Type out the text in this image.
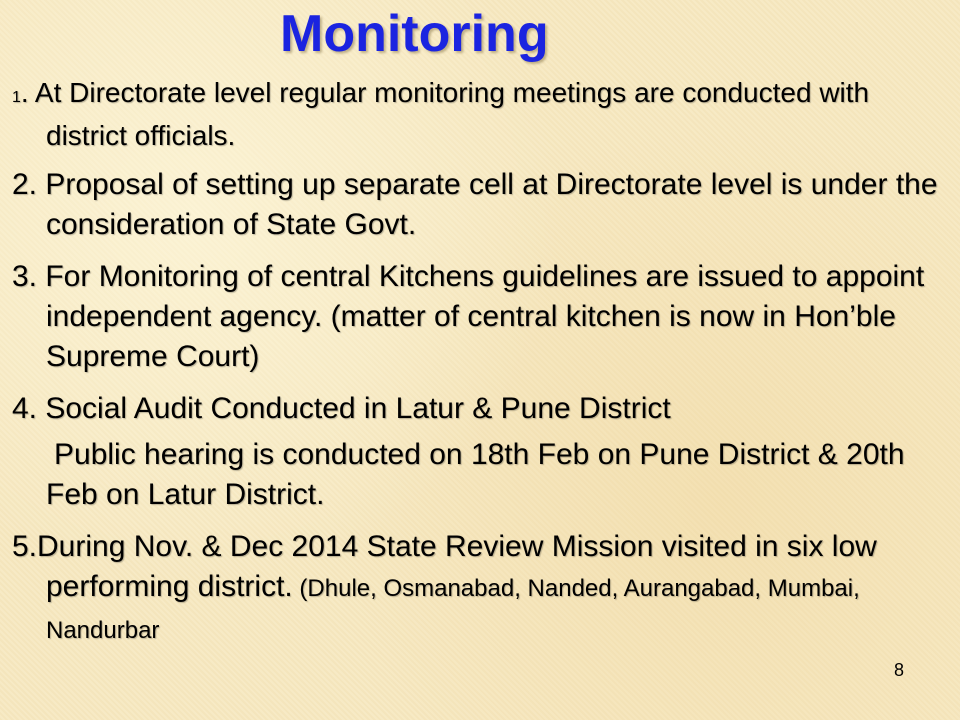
Monitoring

1. At Directorate level regular monitoring meetings are conducted with district officials.

2. Proposal of setting up separate cell at Directorate level is under the consideration of State Govt.

3. For Monitoring of central Kitchens guidelines are issued to appoint independent agency. (matter of central kitchen is now in Hon’ble Supreme Court)

4. Social Audit Conducted in Latur & Pune District

Public hearing is conducted on 18th Feb on Pune District & 20th Feb on Latur District.

5.During Nov. & Dec 2014 State Review Mission visited in six low performing district. (Dhule, Osmanabad, Nanded, Aurangabad, Mumbai, Nandurbar

8
